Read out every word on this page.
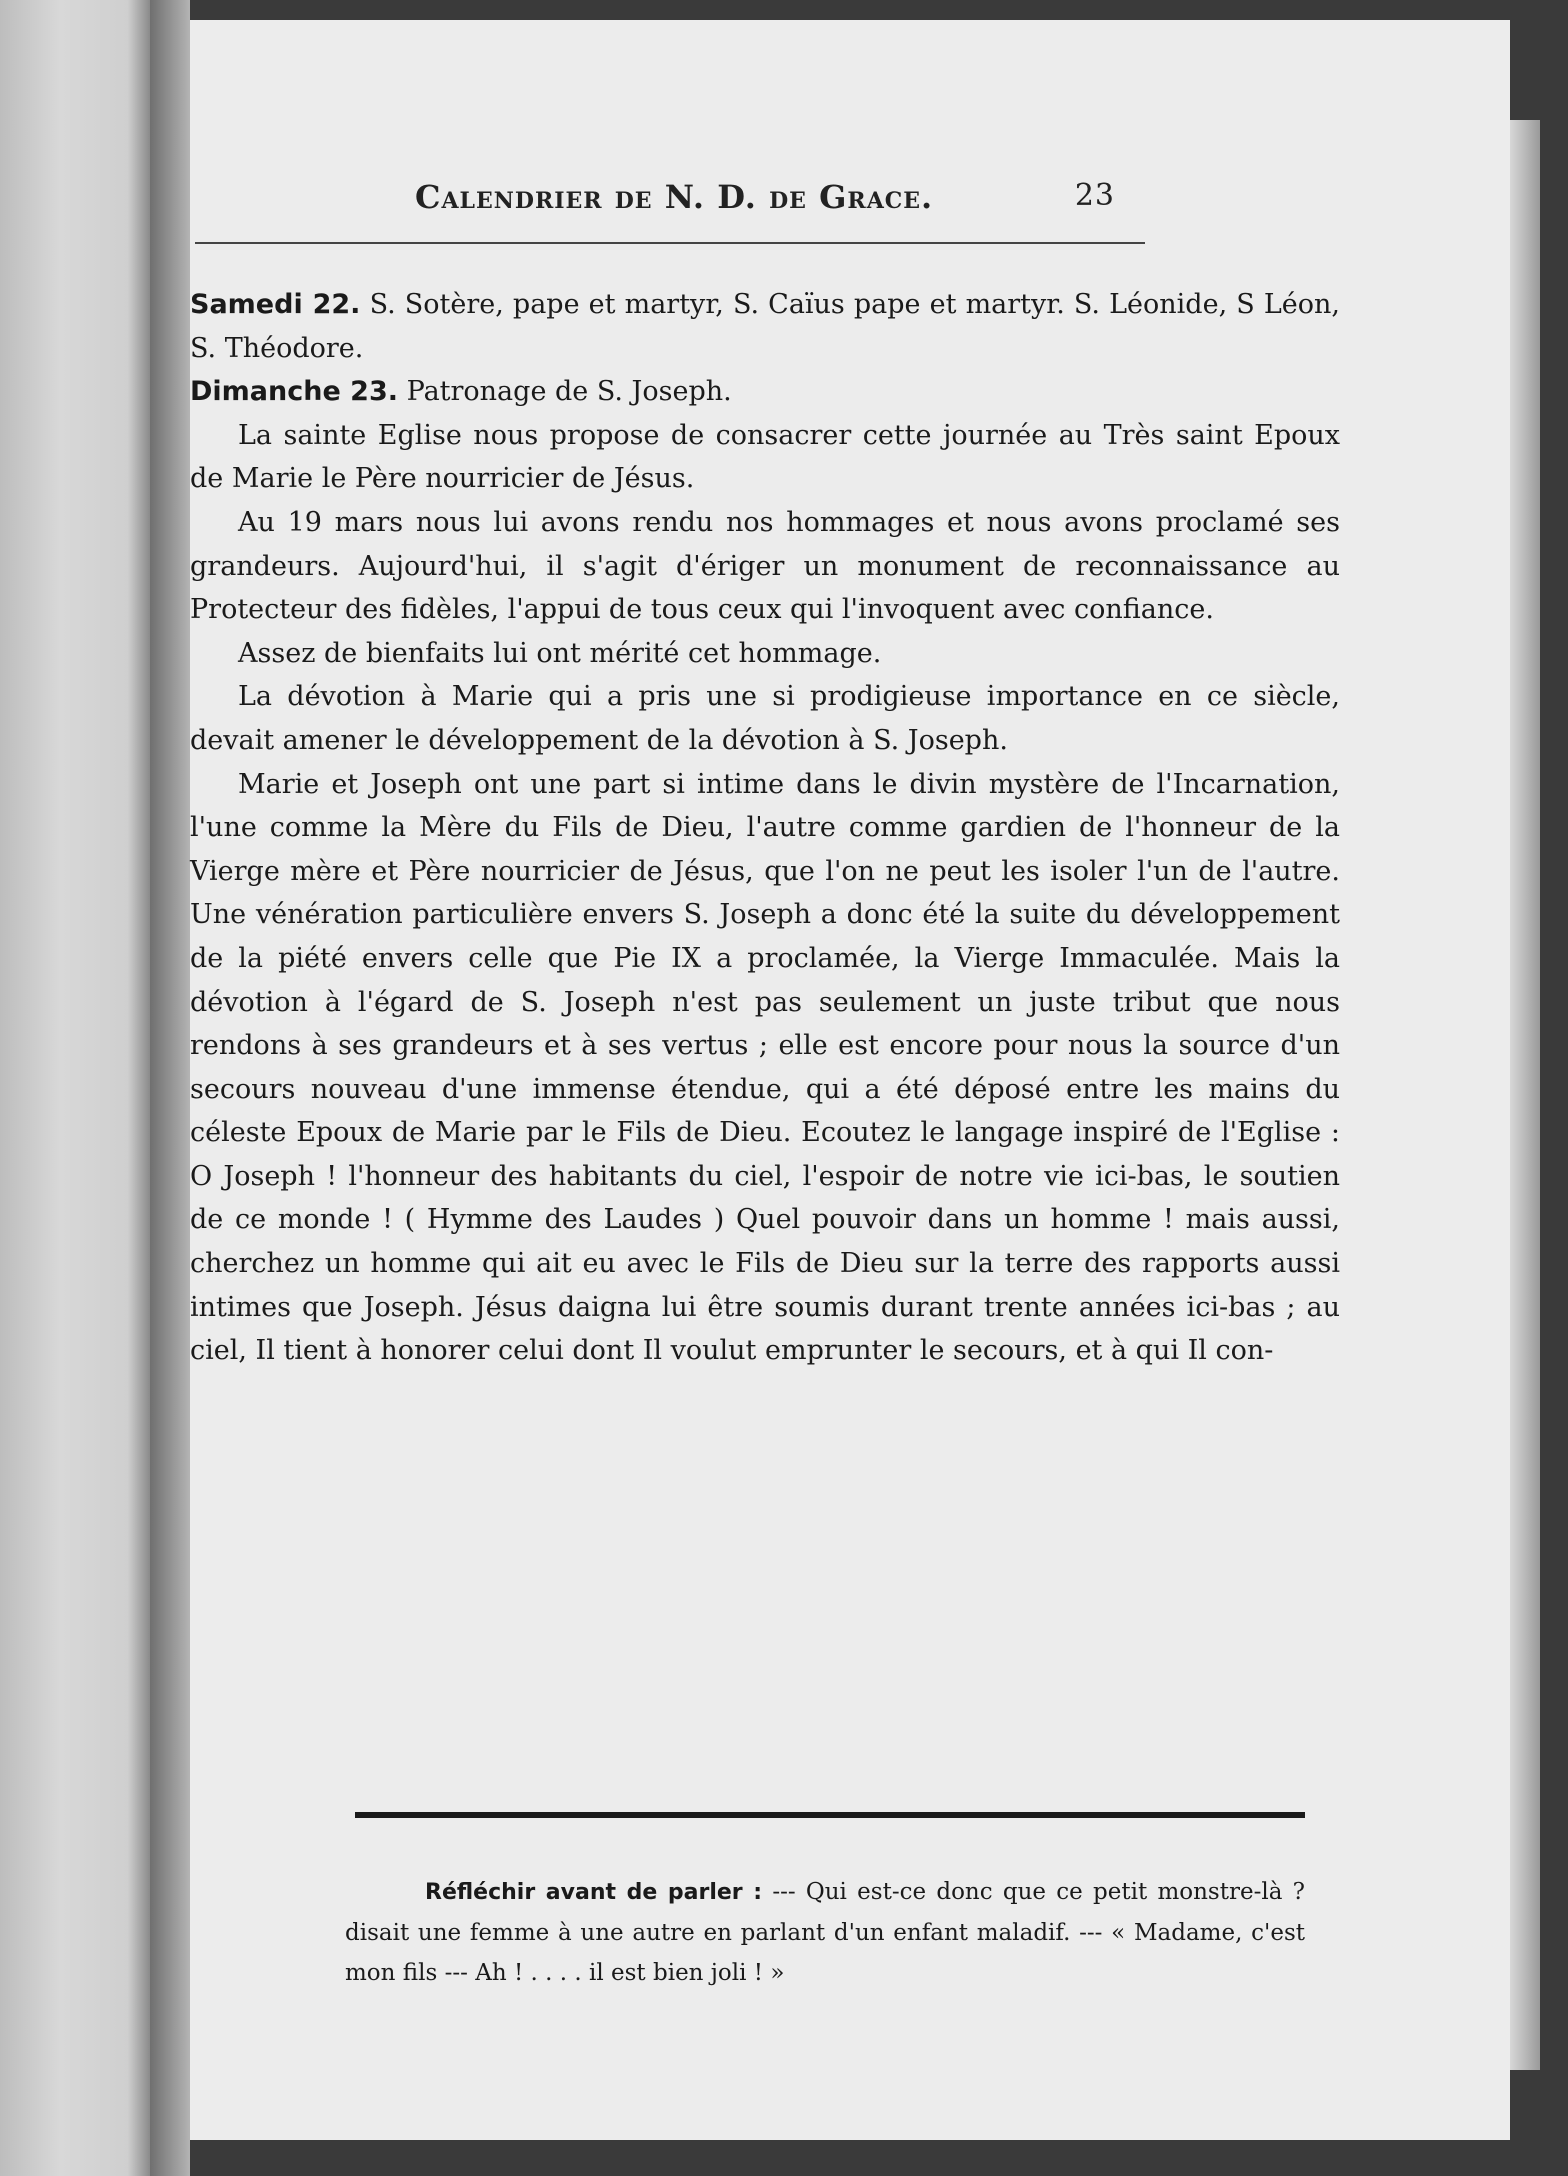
Calendrier de N. D. de Grace.	23

Samedi 22. S. Sotère, pape et martyr, S. Caïus pape et martyr. S. Léonide, S Léon, S. Théodore.

Dimanche 23. Patronage de S. Joseph.

La sainte Eglise nous propose de consacrer cette journée au Très saint Epoux de Marie le Père nourricier de Jésus.

Au 19 mars nous lui avons rendu nos hommages et nous avons proclamé ses grandeurs. Aujourd'hui, il s'agit d'ériger un monument de reconnaissance au Protecteur des fidèles, l'appui de tous ceux qui l'invoquent avec confiance.

Assez de bienfaits lui ont mérité cet hommage.

La dévotion à Marie qui a pris une si prodigieuse importance en ce siècle, devait amener le développement de la dévotion à S. Joseph.

Marie et Joseph ont une part si intime dans le divin mystère de l'Incarnation, l'une comme la Mère du Fils de Dieu, l'autre comme gardien de l'honneur de la Vierge mère et Père nourricier de Jésus, que l'on ne peut les isoler l'un de l'autre. Une vénération particulière envers S. Joseph a donc été la suite du développement de la piété envers celle que Pie IX a proclamée, la Vierge Immaculée. Mais la dévotion à l'égard de S. Joseph n'est pas seulement un juste tribut que nous rendons à ses grandeurs et à ses vertus ; elle est encore pour nous la source d'un secours nouveau d'une immense étendue, qui a été déposé entre les mains du céleste Epoux de Marie par le Fils de Dieu. Ecoutez le langage inspiré de l'Eglise : O Joseph ! l'honneur des habitants du ciel, l'espoir de notre vie ici-bas, le soutien de ce monde ! ( Hymme des Laudes ) Quel pouvoir dans un homme ! mais aussi, cherchez un homme qui ait eu avec le Fils de Dieu sur la terre des rapports aussi intimes que Joseph. Jésus daigna lui être soumis durant trente années ici-bas ; au ciel, Il tient à honorer celui dont Il voulut emprunter le secours, et à qui Il con-

Réfléchir avant de parler : --- Qui est-ce donc que ce petit monstre-là ? disait une femme à une autre en parlant d'un enfant maladif. --- « Madame, c'est mon fils --- Ah ! . . . . il est bien joli ! »
